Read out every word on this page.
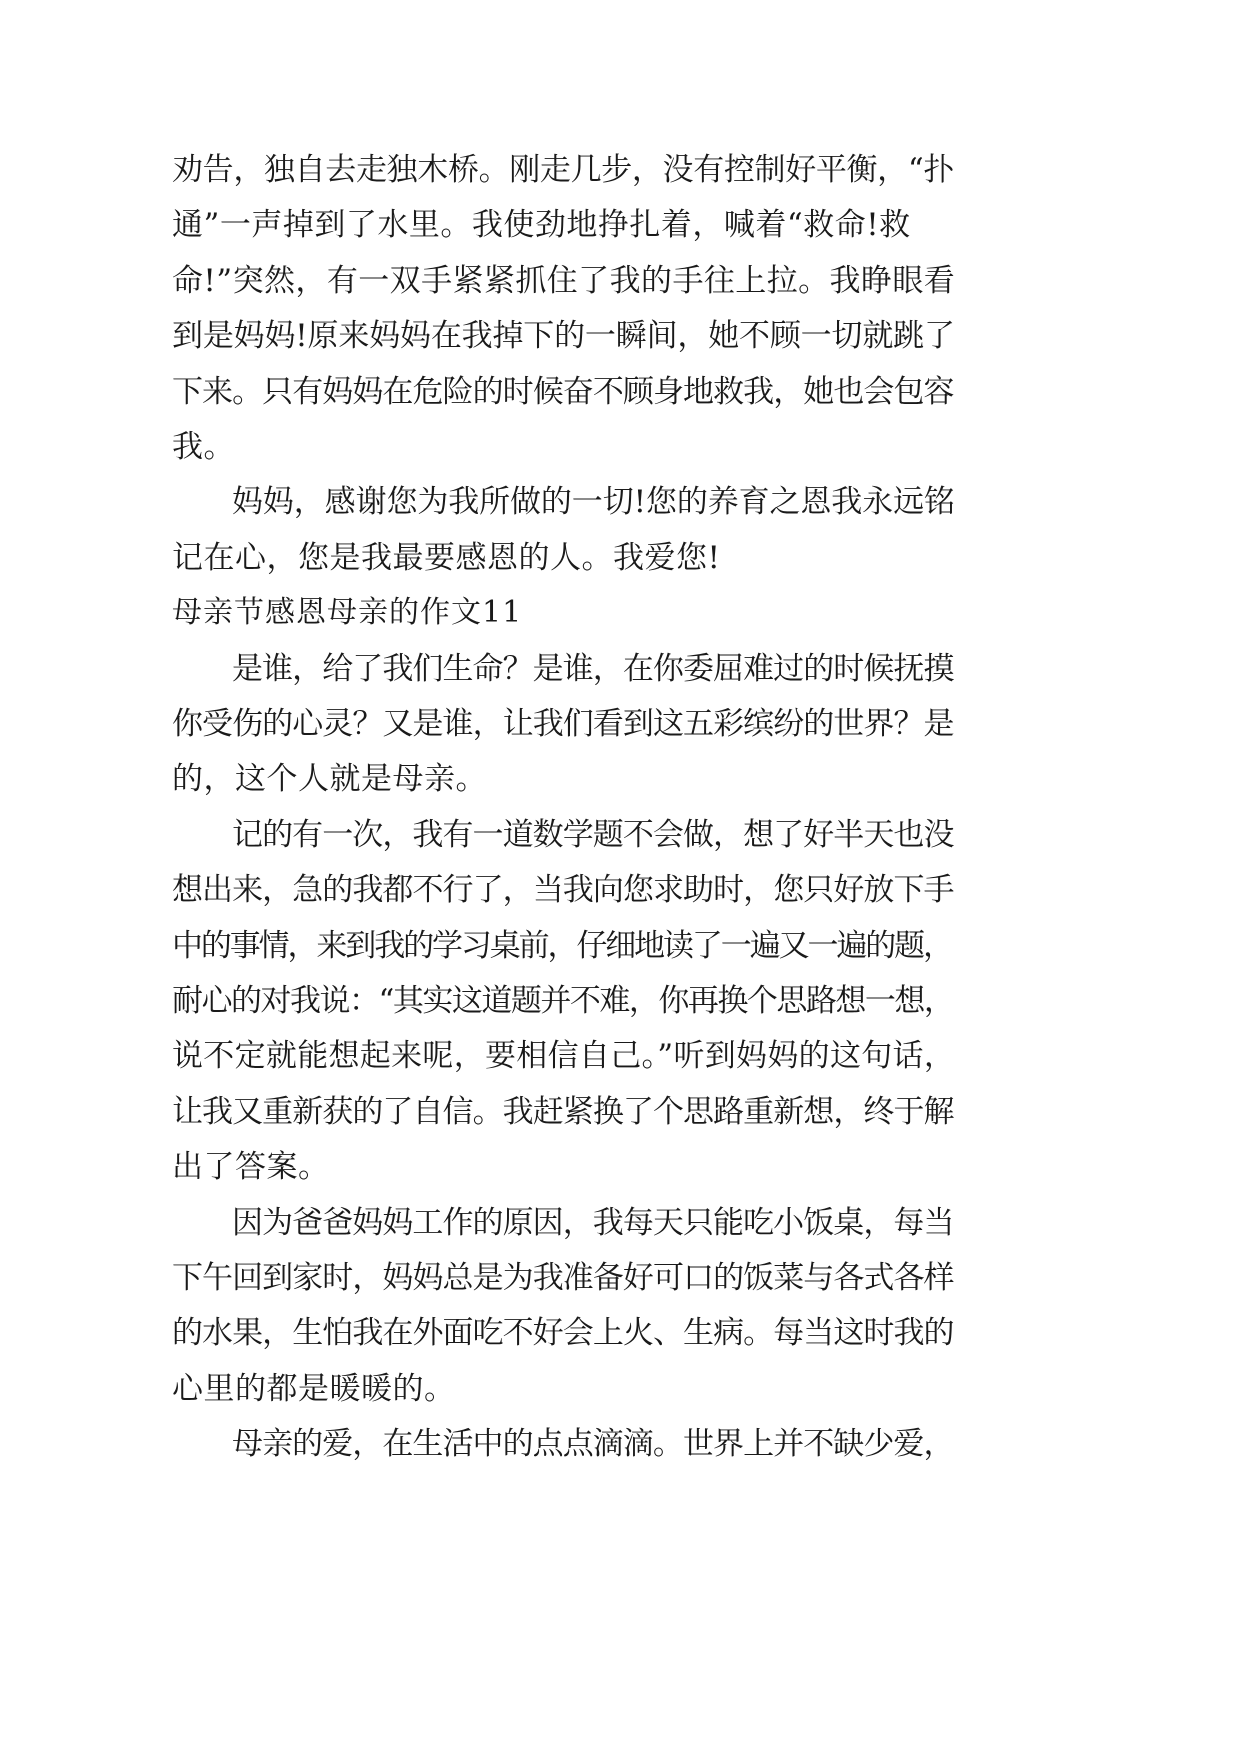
劝告，独自去走独木桥。刚走几步，没有控制好平衡，“扑

通”一声掉到了水里。我使劲地挣扎着，喊着“救命!救

命!”突然，有一双手紧紧抓住了我的手往上拉。我睁眼看

到是妈妈!原来妈妈在我掉下的一瞬间，她不顾一切就跳了

下来。只有妈妈在危险的时候奋不顾身地救我，她也会包容

我。

妈妈，感谢您为我所做的一切!您的养育之恩我永远铭

记在心，您是我最要感恩的人。我爱您!

母亲节感恩母亲的作文11

是谁，给了我们生命？是谁，在你委屈难过的时候抚摸

你受伤的心灵？又是谁，让我们看到这五彩缤纷的世界？是

的，这个人就是母亲。

记的有一次，我有一道数学题不会做，想了好半天也没

想出来，急的我都不行了，当我向您求助时，您只好放下手

中的事情，来到我的学习桌前，仔细地读了一遍又一遍的题，

耐心的对我说：“其实这道题并不难，你再换个思路想一想，

说不定就能想起来呢，要相信自己。”听到妈妈的这句话，

让我又重新获的了自信。我赶紧换了个思路重新想，终于解

出了答案。

因为爸爸妈妈工作的原因，我每天只能吃小饭桌，每当

下午回到家时，妈妈总是为我准备好可口的饭菜与各式各样

的水果，生怕我在外面吃不好会上火、生病。每当这时我的

心里的都是暖暖的。

母亲的爱，在生活中的点点滴滴。世界上并不缺少爱，
